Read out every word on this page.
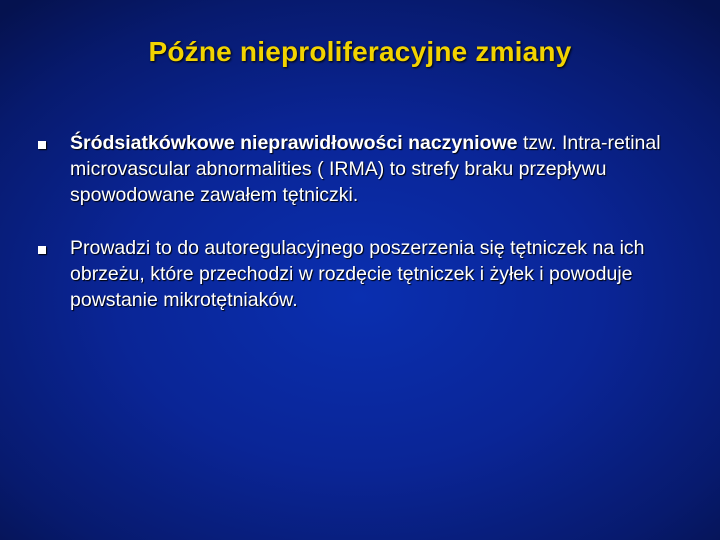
Późne nieproliferacyjne zmiany
Śródsiatkówkowe nieprawidłowości naczyniowe tzw. Intra-retinal microvascular abnormalities ( IRMA) to strefy braku przepływu spowodowane zawałem tętniczki.
Prowadzi to do autoregulacyjnego poszerzenia się tętniczek na ich obrzeżu, które przechodzi w rozdęcie tętniczek i żyłek i powoduje powstanie mikrotętniaków.
